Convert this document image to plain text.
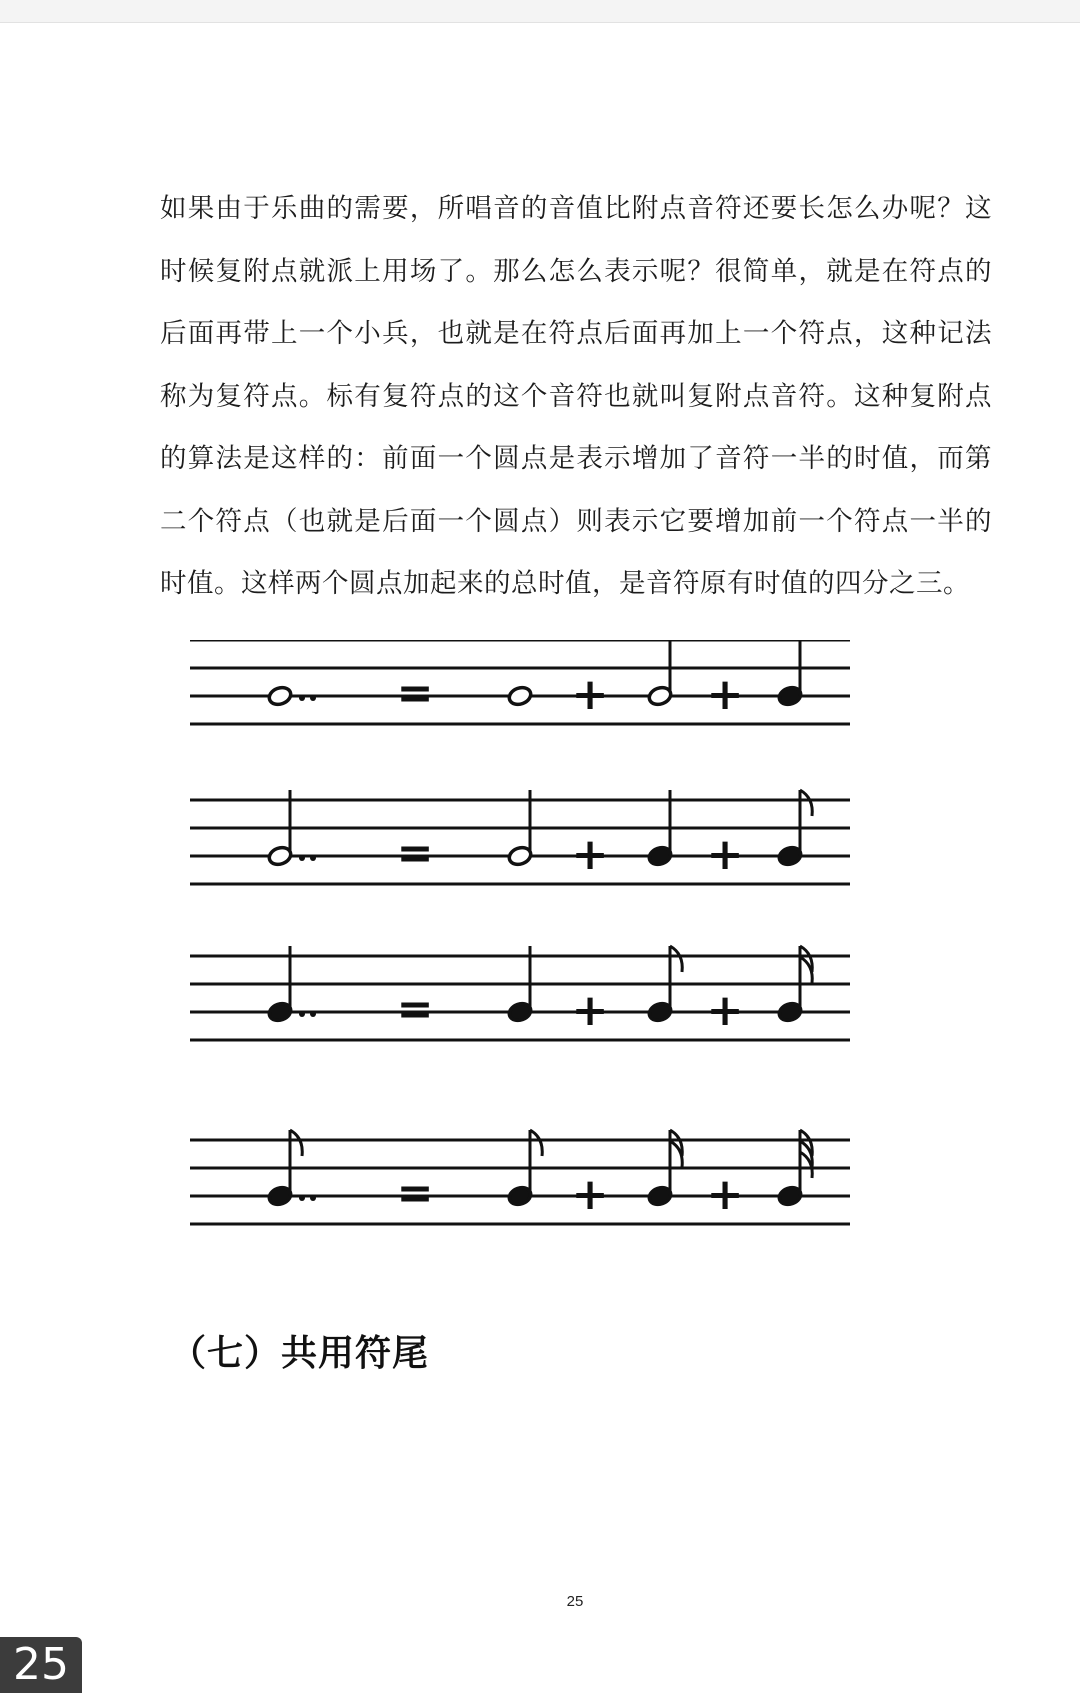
如果由于乐曲的需要，所唱音的音值比附点音符还要长怎么办呢？这时候复附点就派上用场了。那么怎么表示呢？很简单，就是在符点的后面再带上一个小兵，也就是在符点后面再加上一个符点，这种记法称为复符点。标有复符点的这个音符也就叫复附点音符。这种复附点的算法是这样的：前面一个圆点是表示增加了音符一半的时值，而第二个符点（也就是后面一个圆点）则表示它要增加前一个符点一半的时值。这样两个圆点加起来的总时值，是音符原有时值的四分之三。

=	+ +
=	+ +
=	+ +
=	+ +
（七）共用符尾
25
25
